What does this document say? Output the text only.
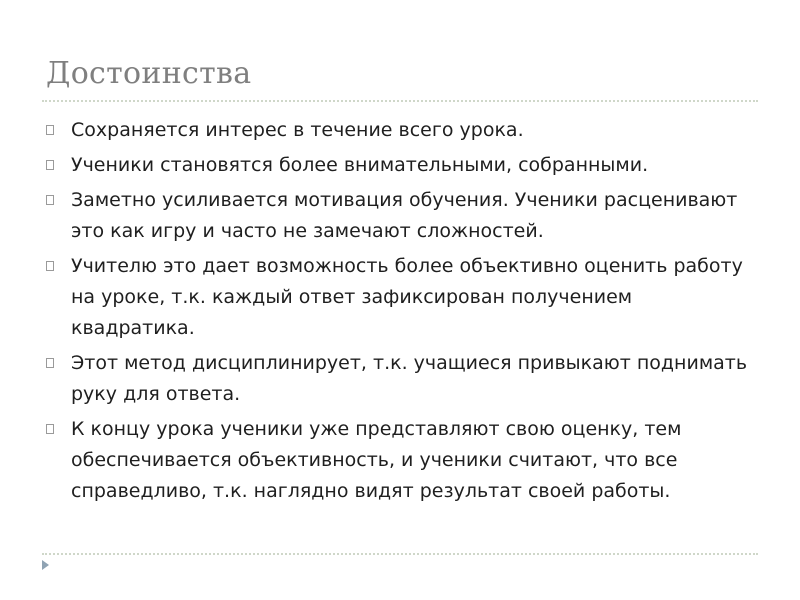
Достоинства
Сохраняется интерес в течение всего урока.
Ученики становятся более внимательными, собранными.
Заметно усиливается мотивация обучения. Ученики расценивают это как игру и часто не замечают сложностей.
Учителю это дает возможность более объективно оценить работу на уроке, т.к. каждый ответ зафиксирован получением квадратика.
Этот метод дисциплинирует, т.к. учащиеся привыкают поднимать руку для ответа.
К концу урока ученики уже представляют свою оценку, тем обеспечивается объективность, и ученики считают, что все справедливо, т.к. наглядно видят результат своей работы.
